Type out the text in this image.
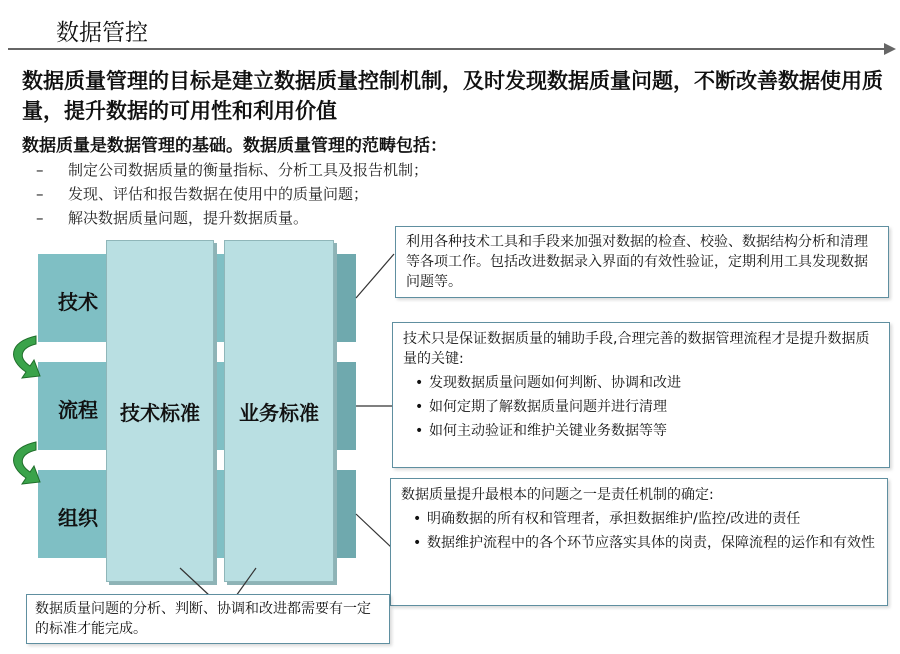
数据管控
数据质量管理的目标是建立数据质量控制机制，及时发现数据质量问题，不断改善数据使用质量，提升数据的可用性和利用价值
数据质量是数据管理的基础。数据质量管理的范畴包括：
– 制定公司数据质量的衡量指标、分析工具及报告机制；
– 发现、评估和报告数据在使用中的质量问题；
– 解决数据质量问题，提升数据质量。
技术
流程
组织
技术标准	业务标准
利用各种技术工具和手段来加强对数据的检查、校验、数据结构分析和清理等各项工作。包括改进数据录入界面的有效性验证，定期利用工具发现数据问题等。
技术只是保证数据质量的辅助手段,合理完善的数据管理流程才是提升数据质量的关键:
• 发现数据质量问题如何判断、协调和改进
• 如何定期了解数据质量问题并进行清理
• 如何主动验证和维护关键业务数据等等
数据质量提升最根本的问题之一是责任机制的确定:
• 明确数据的所有权和管理者，承担数据维护/监控/改进的责任
• 数据维护流程中的各个环节应落实具体的岗责，保障流程的运作和有效性
数据质量问题的分析、判断、协调和改进都需要有一定的标准才能完成。
